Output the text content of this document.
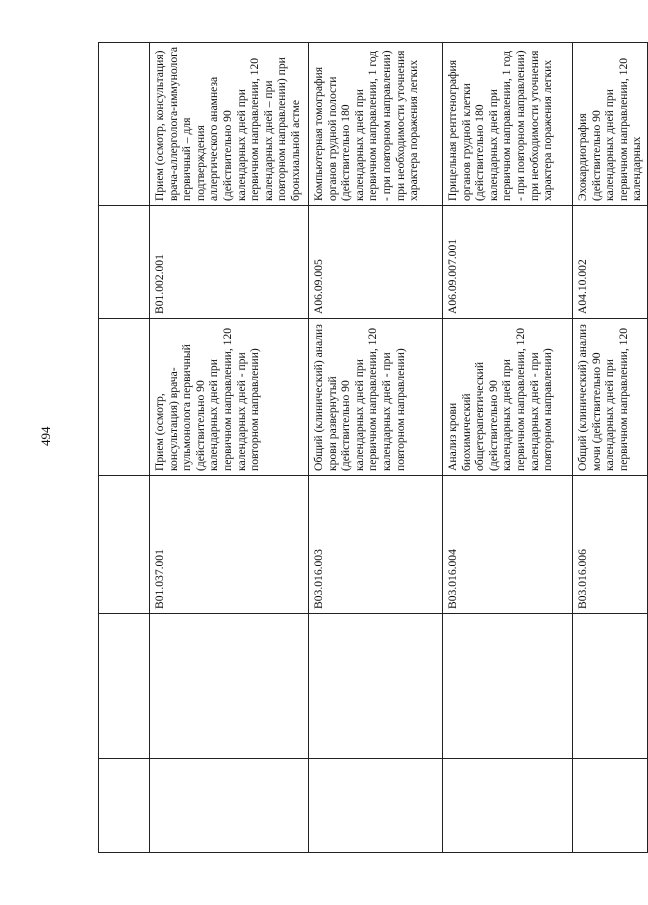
494

		B01.037.001	Прием (осмотр, консультация) врача-пульмонолога первичный (действительно 90 календарных дней при первичном направлении, 120 календарных дней - при повторном направлении)	B01.002.001	Прием (осмотр, консультация) врача-аллерголога-иммунолога первичный – для подтверждения аллергического анамнеза (действительно 90 календарных дней при первичном направлении, 120 календарных дней – при повторном направлении) при бронхиальной астме
		B03.016.003	Общий (клинический) анализ крови развернутый (действительно 90 календарных дней при первичном направлении, 120 календарных дней - при повторном направлении)	A06.09.005	Компьютерная томография органов грудной полости (действительно 180 календарных дней при первичном направлении, 1 год - при повторном направлении) при необходимости уточнения характера поражения легких
		B03.016.004	Анализ крови биохимический общетерапевтический (действительно 90 календарных дней при первичном направлении, 120 календарных дней - при повторном направлении)	A06.09.007.001	Прицельная рентгенография органов грудной клетки (действительно 180 календарных дней при первичном направлении, 1 год - при повторном направлении) при необходимости уточнения характера поражения легких
		B03.016.006	Общий (клинический) анализ мочи (действительно 90 календарных дней при первичном направлении, 120	A04.10.002	Эхокардиография (действительно 90 календарных дней при первичном направлении, 120 календарных
